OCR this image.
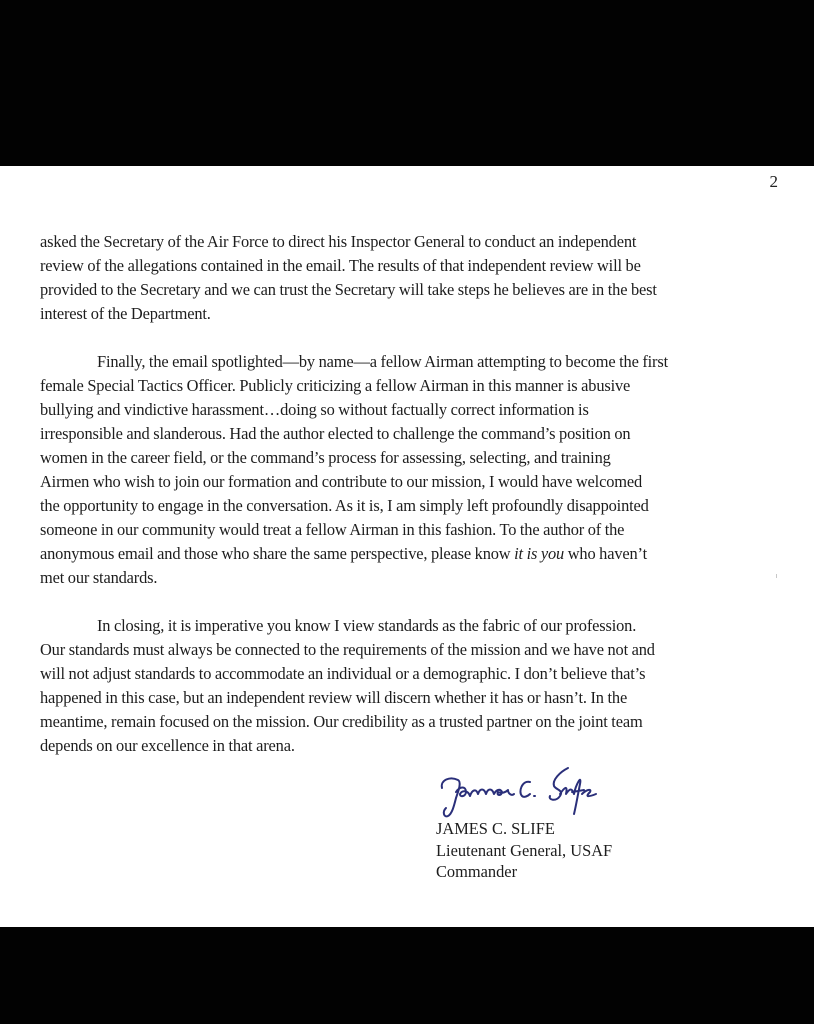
2

asked the Secretary of the Air Force to direct his Inspector General to conduct an independent
review of the allegations contained in the email. The results of that independent review will be
provided to the Secretary and we can trust the Secretary will take steps he believes are in the best
interest of the Department.

Finally, the email spotlighted—by name—a fellow Airman attempting to become the first
female Special Tactics Officer. Publicly criticizing a fellow Airman in this manner is abusive
bullying and vindictive harassment…doing so without factually correct information is
irresponsible and slanderous. Had the author elected to challenge the command’s position on
women in the career field, or the command’s process for assessing, selecting, and training
Airmen who wish to join our formation and contribute to our mission, I would have welcomed
the opportunity to engage in the conversation. As it is, I am simply left profoundly disappointed
someone in our community would treat a fellow Airman in this fashion. To the author of the
anonymous email and those who share the same perspective, please know it is you who haven’t
met our standards.

In closing, it is imperative you know I view standards as the fabric of our profession.
Our standards must always be connected to the requirements of the mission and we have not and
will not adjust standards to accommodate an individual or a demographic. I don’t believe that’s
happened in this case, but an independent review will discern whether it has or hasn’t. In the
meantime, remain focused on the mission. Our credibility as a trusted partner on the joint team
depends on our excellence in that arena.

JAMES C. SLIFE
Lieutenant General, USAF
Commander
